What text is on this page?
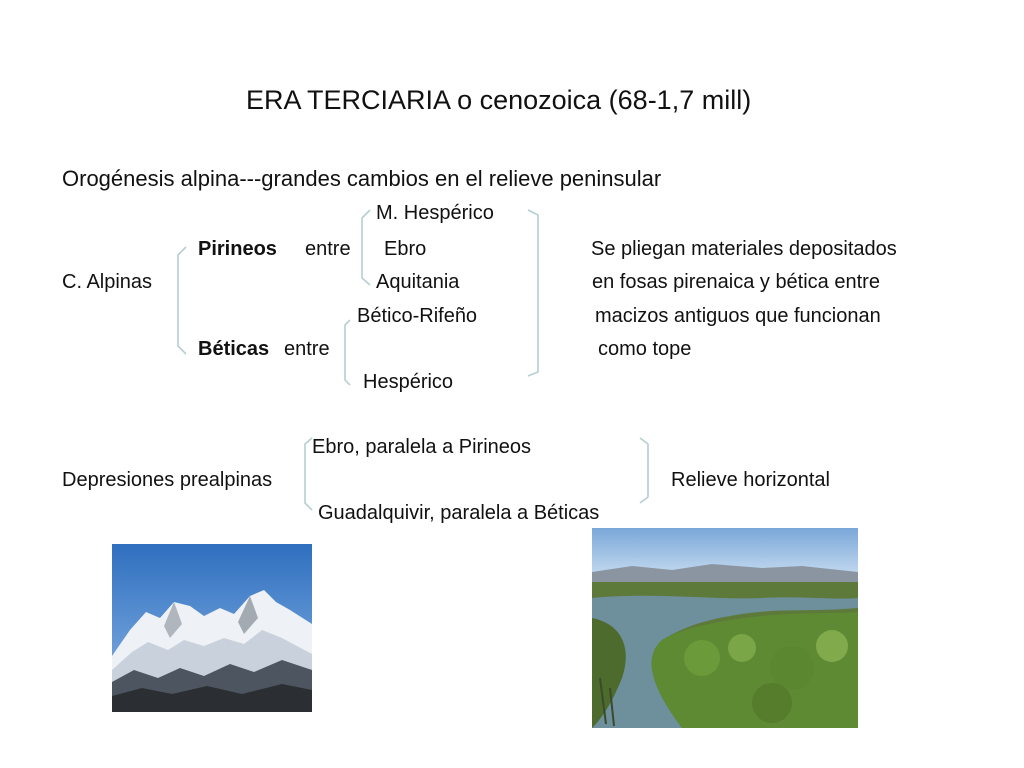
ERA TERCIARIA o cenozoica (68-1,7 mill)
Orogénesis alpina---grandes cambios en el relieve peninsular
M. Hespérico
Pirineos entre Ebro	Se pliegan materiales depositados
C. Alpinas	Aquitania	en fosas pirenaica y bética entre
Bético-Rifeño	macizos antiguos que funcionan
Béticas entre	como tope
Hespérico
Ebro, paralela a Pirineos
Depresiones prealpinas	Relieve horizontal
Guadalquivir, paralela a Béticas
